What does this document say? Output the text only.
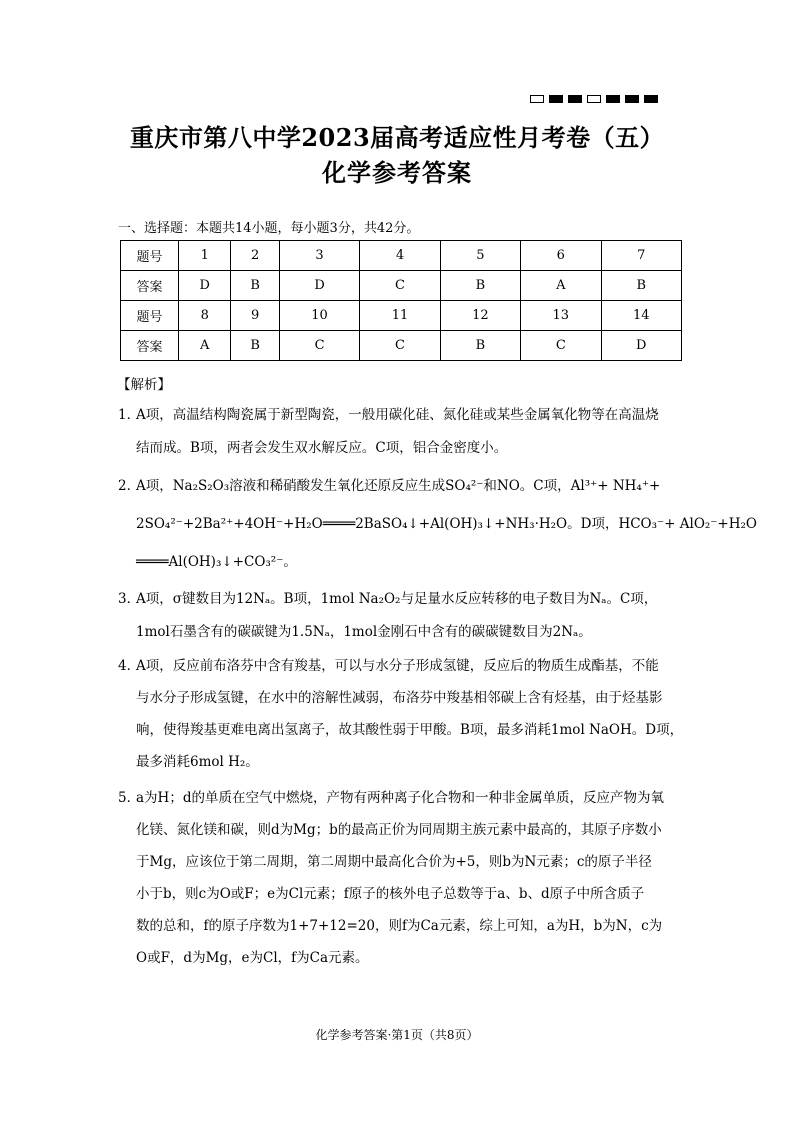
重庆市第八中学2023届高考适应性月考卷（五）
化学参考答案
一、选择题：本题共14小题，每小题3分，共42分。
题号	1	2	3	4	5	6	7
答案	D	B	D	C	B	A	B
题号	8	9	10	11	12	13	14
答案	A	B	C	C	B	C	D
【解析】
1．
A项，高温结构陶瓷属于新型陶瓷，一般用碳化硅、氮化硅或某些金属氧化物等在高温烧
结而成。B项，两者会发生双水解反应。C项，铝合金密度小。
2．
A项，Na₂S₂O₃溶液和稀硝酸发生氧化还原反应生成SO₄²⁻和NO。C项，Al³⁺+ NH₄⁺+
2SO₄²⁻+2Ba²⁺+4OH⁻+H₂O════2BaSO₄↓+Al(OH)₃↓+NH₃·H₂O。D项，HCO₃⁻+ AlO₂⁻+H₂O
════Al(OH)₃↓+CO₃²⁻。
3．
A项，σ键数目为12Nₐ。B项，1mol Na₂O₂与足量水反应转移的电子数目为Nₐ。C项，
1mol石墨含有的碳碳键为1.5Nₐ，1mol金刚石中含有的碳碳键数目为2Nₐ。
4．
A项，反应前布洛芬中含有羧基，可以与水分子形成氢键，反应后的物质生成酯基，不能
与水分子形成氢键，在水中的溶解性减弱，布洛芬中羧基相邻碳上含有烃基，由于烃基影
响，使得羧基更难电离出氢离子，故其酸性弱于甲酸。B项，最多消耗1mol NaOH。D项，
最多消耗6mol H₂。
5．
a为H；d的单质在空气中燃烧，产物有两种离子化合物和一种非金属单质，反应产物为氧
化镁、氮化镁和碳，则d为Mg；b的最高正价为同周期主族元素中最高的，其原子序数小
于Mg，应该位于第二周期，第二周期中最高化合价为+5，则b为N元素；c的原子半径
小于b，则c为O或F；e为Cl元素；f原子的核外电子总数等于a、b、d原子中所含质子
数的总和，f的原子序数为1+7+12=20，则f为Ca元素，综上可知，a为H，b为N，c为
O或F，d为Mg，e为Cl，f为Ca元素。
化学参考答案·第1页（共8页）
